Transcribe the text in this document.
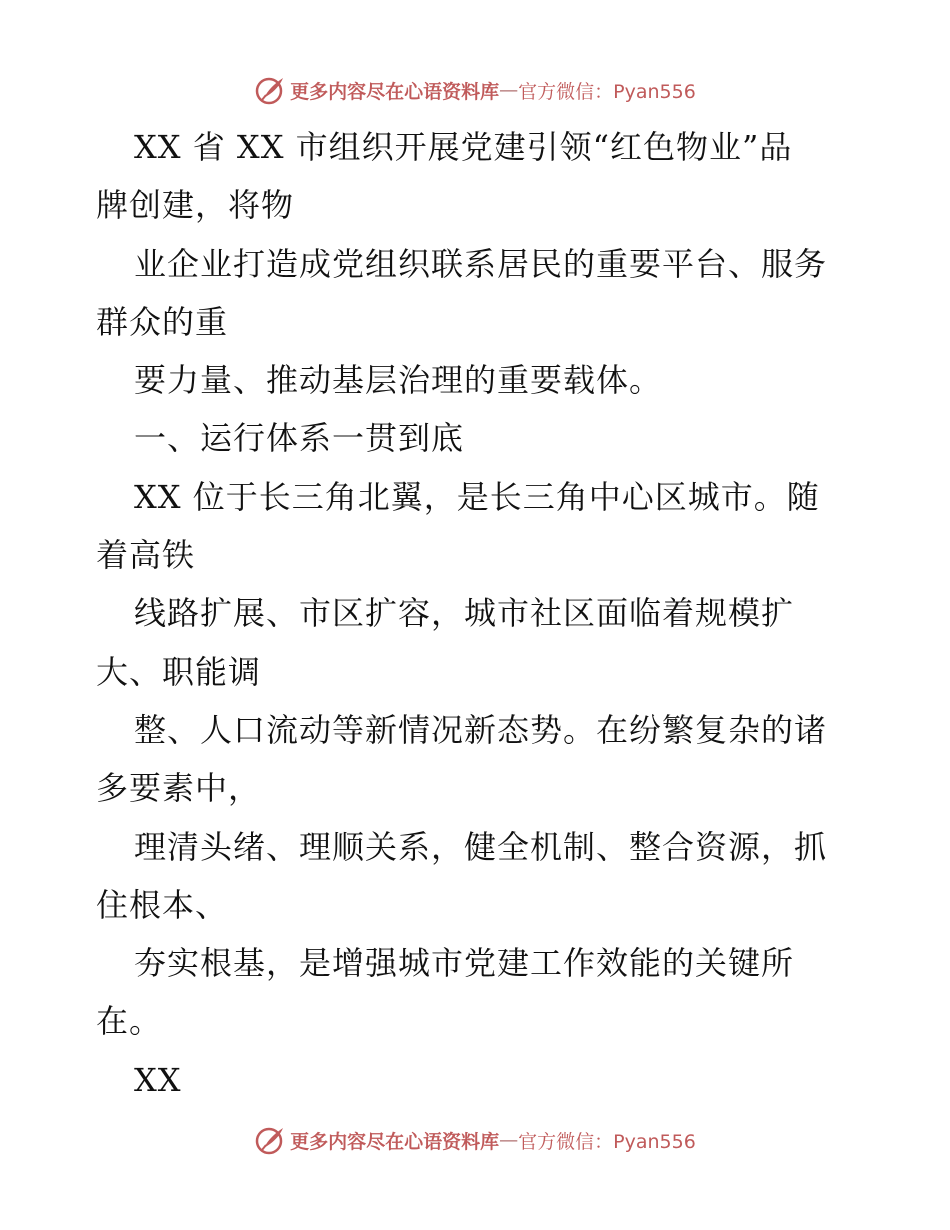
更多内容尽在心语资料库 — 官方微信：Pyan556
XX 省 XX 市组织开展党建引领“红色物业”品
牌创建，将物
业企业打造成党组织联系居民的重要平台、服务
群众的重
要力量、推动基层治理的重要载体。
一、运行体系一贯到底
XX 位于长三角北翼，是长三角中心区城市。随
着高铁
线路扩展、市区扩容，城市社区面临着规模扩
大、职能调
整、人口流动等新情况新态势。在纷繁复杂的诸
多要素中，
理清头绪、理顺关系，健全机制、整合资源，抓
住根本、
夯实根基，是增强城市党建工作效能的关键所
在。
XX
更多内容尽在心语资料库 — 官方微信：Pyan556
